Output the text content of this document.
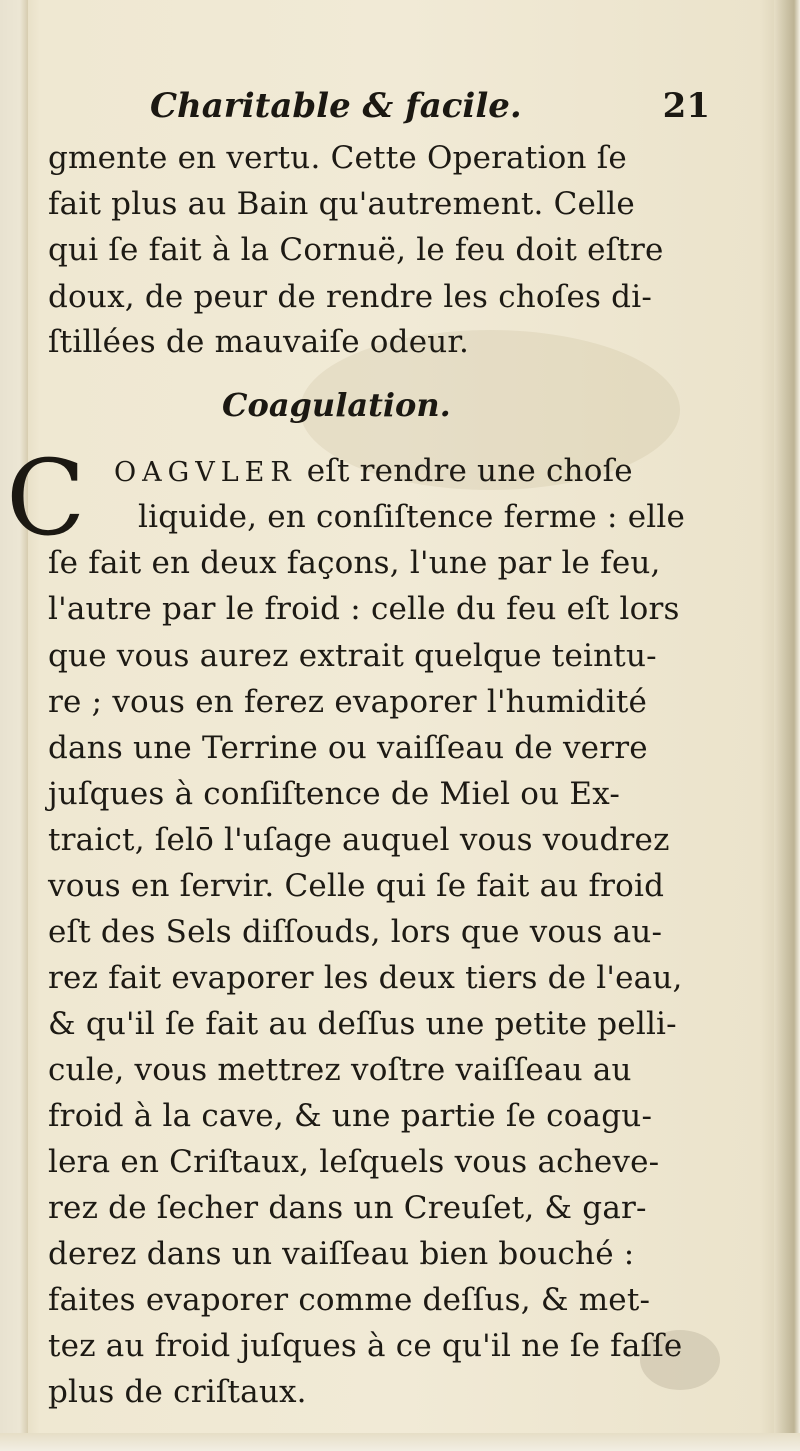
Charitable & facile.	21
gmente en vertu. Cette Operation ſe
fait plus au Bain qu'autrement. Celle
qui ſe fait à la Cornuë, le feu doit eſtre
doux, de peur de rendre les choſes di-
ſtillées de mauvaiſe odeur.
Coagulation.
C OAGVLER eſt rendre une choſe
liquide, en conſiſtence ferme : elle
ſe fait en deux façons, l'une par le feu,
l'autre par le froid : celle du feu eſt lors
que vous aurez extrait quelque teintu-
re ; vous en ferez evaporer l'humidité
dans une Terrine ou vaiſſeau de verre
juſques à conſiſtence de Miel ou Ex-
traict, ſelō l'uſage auquel vous voudrez
vous en ſervir. Celle qui ſe fait au froid
eſt des Sels diſſouds, lors que vous au-
rez fait evaporer les deux tiers de l'eau,
& qu'il ſe fait au deſſus une petite pelli-
cule, vous mettrez voſtre vaiſſeau au
froid à la cave, & une partie ſe coagu-
lera en Criſtaux, leſquels vous acheve-
rez de ſecher dans un Creuſet, & gar-
derez dans un vaiſſeau bien bouché :
faites evaporer comme deſſus, & met-
tez au froid juſques à ce qu'il ne ſe faſſe
plus de criſtaux.
